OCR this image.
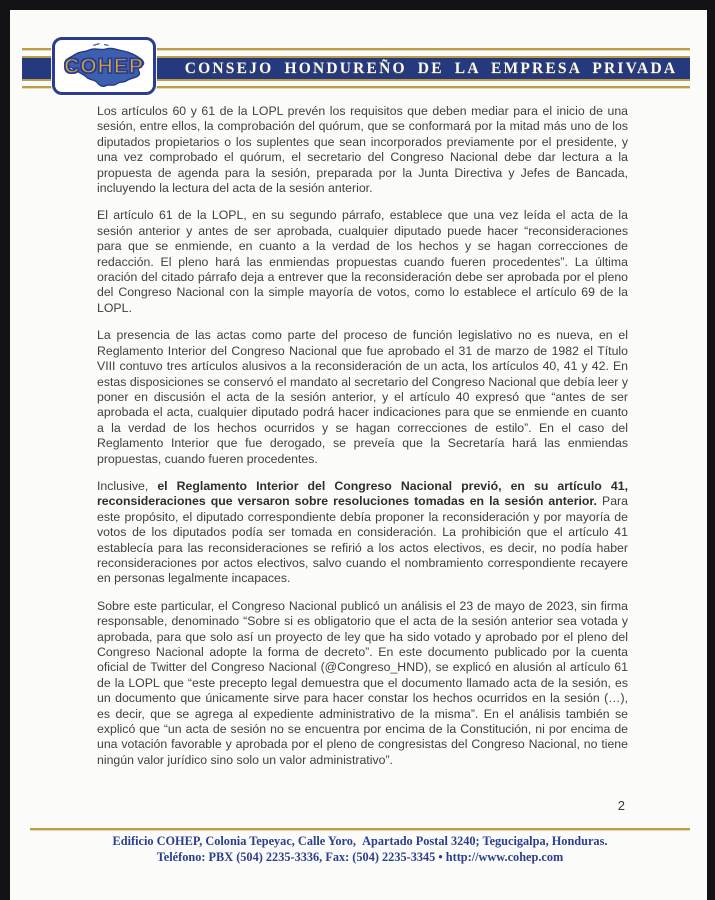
CONSEJO HONDUREÑO DE LA EMPRESA PRIVADA
COHEP

Los artículos 60 y 61 de la LOPL prevén los requisitos que deben mediar para el inicio de una sesión, entre ellos, la comprobación del quórum, que se conformará por la mitad más uno de los diputados propietarios o los suplentes que sean incorporados previamente por el presidente, y una vez comprobado el quórum, el secretario del Congreso Nacional debe dar lectura a la propuesta de agenda para la sesión, preparada por la Junta Directiva y Jefes de Bancada, incluyendo la lectura del acta de la sesión anterior.

El artículo 61 de la LOPL, en su segundo párrafo, establece que una vez leída el acta de la sesión anterior y antes de ser aprobada, cualquier diputado puede hacer “reconsideraciones para que se enmiende, en cuanto a la verdad de los hechos y se hagan correcciones de redacción. El pleno hará las enmiendas propuestas cuando fueren procedentes”. La última oración del citado párrafo deja a entrever que la reconsideración debe ser aprobada por el pleno del Congreso Nacional con la simple mayoría de votos, como lo establece el artículo 69 de la LOPL.

La presencia de las actas como parte del proceso de función legislativo no es nueva, en el Reglamento Interior del Congreso Nacional que fue aprobado el 31 de marzo de 1982 el Título VIII contuvo tres artículos alusivos a la reconsideración de un acta, los artículos 40, 41 y 42. En estas disposiciones se conservó el mandato al secretario del Congreso Nacional que debía leer y poner en discusión el acta de la sesión anterior, y el artículo 40 expresó que “antes de ser aprobada el acta, cualquier diputado podrá hacer indicaciones para que se enmiende en cuanto a la verdad de los hechos ocurridos y se hagan correcciones de estilo”. En el caso del Reglamento Interior que fue derogado, se preveía que la Secretaría hará las enmiendas propuestas, cuando fueren procedentes.

Inclusive, el Reglamento Interior del Congreso Nacional previó, en su artículo 41, reconsideraciones que versaron sobre resoluciones tomadas en la sesión anterior. Para este propósito, el diputado correspondiente debía proponer la reconsideración y por mayoría de votos de los diputados podía ser tomada en consideración. La prohibición que el artículo 41 establecía para las reconsideraciones se refirió a los actos electivos, es decir, no podía haber reconsideraciones por actos electivos, salvo cuando el nombramiento correspondiente recayere en personas legalmente incapaces.

Sobre este particular, el Congreso Nacional publicó un análisis el 23 de mayo de 2023, sin firma responsable, denominado “Sobre si es obligatorio que el acta de la sesión anterior sea votada y aprobada, para que solo así un proyecto de ley que ha sido votado y aprobado por el pleno del Congreso Nacional adopte la forma de decreto”. En este documento publicado por la cuenta oficial de Twitter del Congreso Nacional (@Congreso_HND), se explicó en alusión al artículo 61 de la LOPL que “este precepto legal demuestra que el documento llamado acta de la sesión, es un documento que únicamente sirve para hacer constar los hechos ocurridos en la sesión (…), es decir, que se agrega al expediente administrativo de la misma”. En el análisis también se explicó que “un acta de sesión no se encuentra por encima de la Constitución, ni por encima de una votación favorable y aprobada por el pleno de congresistas del Congreso Nacional, no tiene ningún valor jurídico sino solo un valor administrativo”.

2
Edificio COHEP, Colonia Tepeyac, Calle Yoro,  Apartado Postal 3240; Tegucigalpa, Honduras.
Teléfono: PBX (504) 2235-3336, Fax: (504) 2235-3345 • http://www.cohep.com
